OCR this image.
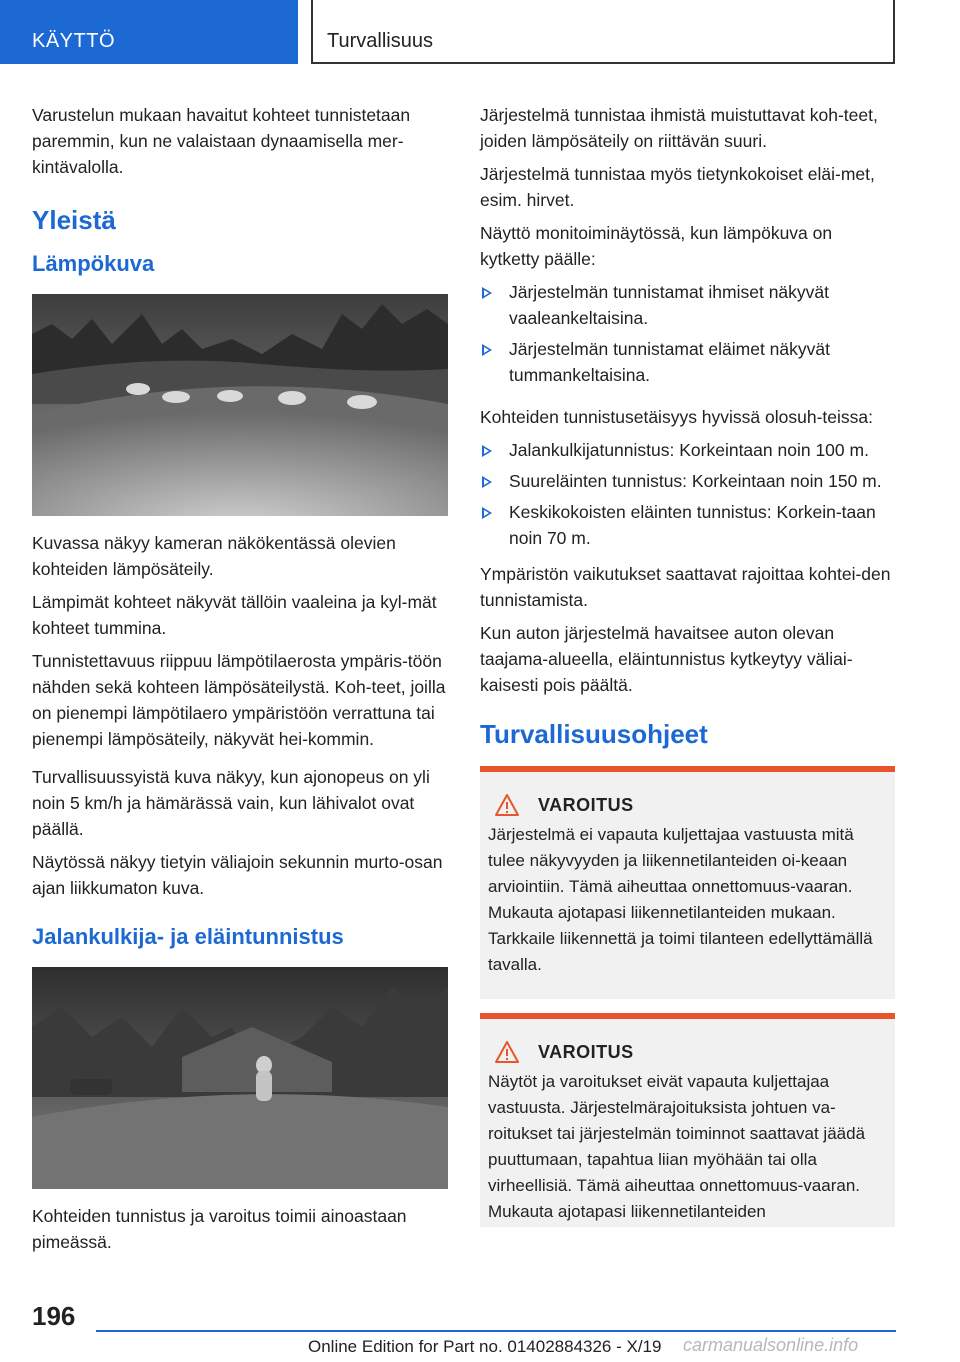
KÄYTTÖ	Turvallisuus

Varustelun mukaan havaitut kohteet tunnistetaan paremmin, kun ne valaistaan dynaamisella mer-kintävalolla.

Yleistä
Lämpökuva

Kuvassa näkyy kameran näkökentässä olevien kohteiden lämpösäteily.

Lämpimät kohteet näkyvät tällöin vaaleina ja kyl-mät kohteet tummina.

Tunnistettavuus riippuu lämpötilaerosta ympäris-töön nähden sekä kohteen lämpösäteilystä. Koh-teet, joilla on pienempi lämpötilaero ympäristöön verrattuna tai pienempi lämpösäteily, näkyvät hei-kommin.

Turvallisuussyistä kuva näkyy, kun ajonopeus on yli noin 5 km/h ja hämärässä vain, kun lähivalot ovat päällä.

Näytössä näkyy tietyin väliajoin sekunnin murto-osan ajan liikkumaton kuva.

Jalankulkija- ja eläintunnistus

Kohteiden tunnistus ja varoitus toimii ainoastaan pimeässä.

Järjestelmä tunnistaa ihmistä muistuttavat koh-teet, joiden lämpösäteily on riittävän suuri.

Järjestelmä tunnistaa myös tietynkokoiset eläi-met, esim. hirvet.

Näyttö monitoiminäytössä, kun lämpökuva on kytketty päälle:

Järjestelmän tunnistamat ihmiset näkyvät vaaleankeltaisina.
Järjestelmän tunnistamat eläimet näkyvät tummankeltaisina.

Kohteiden tunnistusetäisyys hyvissä olosuh-teissa:

Jalankulkijatunnistus: Korkeintaan noin 100 m.
Suureläinten tunnistus: Korkeintaan noin 150 m.
Keskikokoisten eläinten tunnistus: Korkein-taan noin 70 m.

Ympäristön vaikutukset saattavat rajoittaa kohtei-den tunnistamista.

Kun auton järjestelmä havaitsee auton olevan taajama-alueella, eläintunnistus kytkeytyy väliai-kaisesti pois päältä.

Turvallisuusohjeet
VAROITUS

Järjestelmä ei vapauta kuljettajaa vastuusta mitä tulee näkyvyyden ja liikennetilanteiden oi-keaan arviointiin. Tämä aiheuttaa onnettomuus-vaaran. Mukauta ajotapasi liikennetilanteiden mukaan. Tarkkaile liikennettä ja toimi tilanteen edellyttämällä tavalla.

VAROITUS

Näytöt ja varoitukset eivät vapauta kuljettajaa vastuusta. Järjestelmärajoituksista johtuen va-roitukset tai järjestelmän toiminnot saattavat jäädä puuttumaan, tapahtua liian myöhään tai olla virheellisiä. Tämä aiheuttaa onnettomuus-vaaran. Mukauta ajotapasi liikennetilanteiden

196
Online Edition for Part no. 01402884326 - X/19 carmanualsonline.info
